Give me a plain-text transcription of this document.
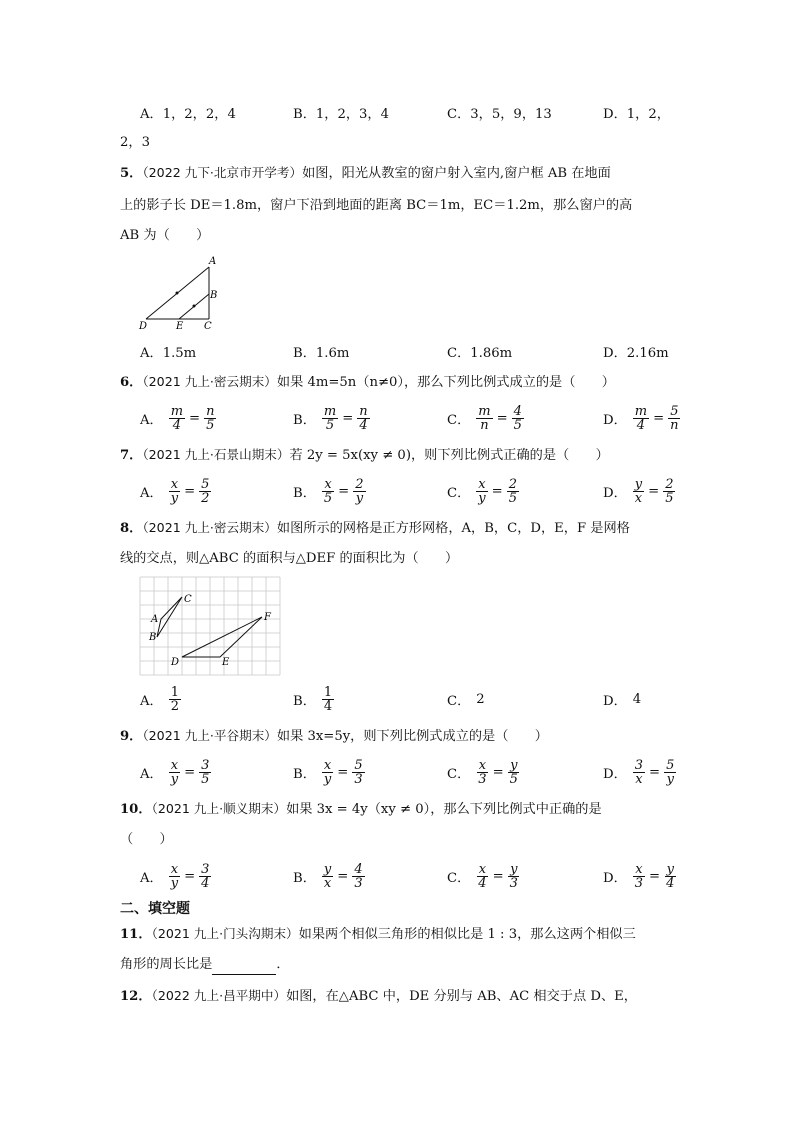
A．1，2，2，4	B．1，2，3，4	C．3，5，9，13	D．1，2，
2，3
5．（2022 九下·北京市开学考）如图，阳光从教室的窗户射入室内,窗户框 AB 在地面
上的影子长 DE＝1.8m，窗户下沿到地面的距离 BC＝1m，EC＝1.2m，那么窗户的高
AB 为（　　）
A
B
C
D	E
A．1.5m	B．1.6m	C．1.86m	D．2.16m
6．（2021 九上·密云期末）如果 4m=5n（n≠0），那么下列比例式成立的是（　　）
A． $\frac{m}{4} = \frac{n}{5}$	B． $\frac{m}{5} = \frac{n}{4}$	C． $\frac{m}{n} = \frac{4}{5}$	D． $\frac{m}{4} = \frac{5}{n}$
7．（2021 九上·石景山期末）若 2y = 5x(xy ≠ 0)，则下列比例式正确的是（　　）
A． $\frac{x}{y} = \frac{5}{2}$	B． $\frac{x}{5} = \frac{2}{y}$	C． $\frac{x}{y} = \frac{2}{5}$	D． $\frac{y}{x} = \frac{2}{5}$
8．（2021 九上·密云期末）如图所示的网格是正方形网格，A，B，C，D，E，F 是网格
线的交点，则△ABC 的面积与△DEF 的面积比为（　　）
A
B
C
D	E
F
A． $\frac{1}{2}$	B． $\frac{1}{4}$	C． 2	D． 4
9．（2021 九上·平谷期末）如果 3x=5y，则下列比例式成立的是（　　）
A． $\frac{x}{y} = \frac{3}{5}$	B． $\frac{x}{y} = \frac{5}{3}$	C． $\frac{x}{3} = \frac{y}{5}$	D． $\frac{3}{x} = \frac{5}{y}$
10．（2021 九上·顺义期末）如果 3x = 4y（xy ≠ 0），那么下列比例式中正确的是
（　　）
A． $\frac{x}{y} = \frac{3}{4}$	B． $\frac{y}{x} = \frac{4}{3}$	C． $\frac{x}{4} = \frac{y}{3}$	D． $\frac{x}{3} = \frac{y}{4}$
二、填空题
11．（2021 九上·门头沟期末）如果两个相似三角形的相似比是 1 : 3，那么这两个相似三
角形的周长比是	．
12．（2022 九上·昌平期中）如图，在△ABC 中，DE 分别与 AB、AC 相交于点 D、E，
